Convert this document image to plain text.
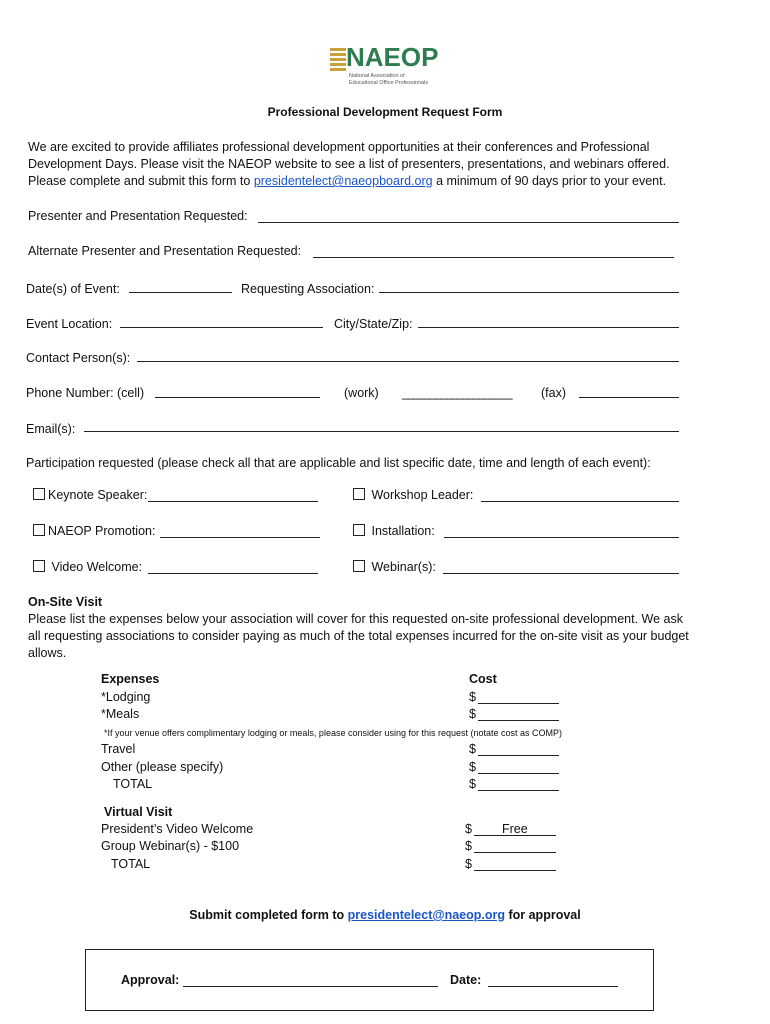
NAEOP
National Association of
Educational Office Professionals
Professional Development Request Form
We are excited to provide affiliates professional development opportunities at their conferences and Professional
Development Days. Please visit the NAEOP website to see a list of presenters, presentations, and webinars offered.
Please complete and submit this form to presidentelect@naeopboard.org a minimum of 90 days prior to your event.
Presenter and Presentation Requested:
Alternate Presenter and Presentation Requested:
Date(s) of Event:	Requesting Association:
Event Location:	City/State/Zip:
Contact Person(s):
Phone Number: (cell)	(work) ____________________ (fax)
Email(s):
Participation requested (please check all that are applicable and list specific date, time and length of each event):
Keynote Speaker:	Workshop Leader:
NAEOP Promotion:	Installation:
Video Welcome:	Webinar(s):
On-Site Visit
Please list the expenses below your association will cover for this requested on-site professional development. We ask
all requesting associations to consider paying as much of the total expenses incurred for the on-site visit as your budget
allows.
Expenses	Cost
*Lodging	$
*Meals	$
*If your venue offers complimentary lodging or meals, please consider using for this request (notate cost as COMP)
Travel	$
Other (please specify)	$
TOTAL	$
Virtual Visit
President’s Video Welcome	$ Free
Group Webinar(s) - $100	$
TOTAL	$
Submit completed form to presidentelect@naeop.org for approval
Approval:	Date:
